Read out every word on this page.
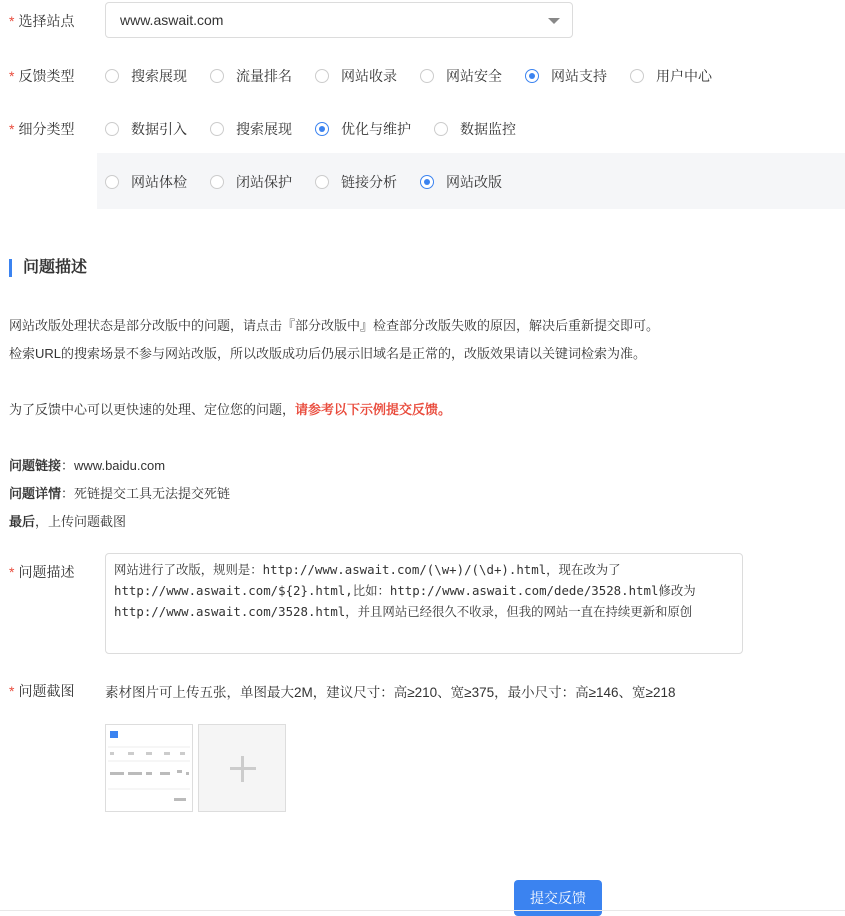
* 选择站点	www.aswait.com
* 反馈类型	搜索展现	流量排名	网站收录	网站安全	网站支持	用户中心
* 细分类型	数据引入	搜索展现	优化与维护	数据监控
网站体检	闭站保护	链接分析	网站改版
问题描述
网站改版处理状态是部分改版中的问题，请点击『部分改版中』检查部分改版失败的原因，解决后重新提交即可。
检索URL的搜索场景不参与网站改版，所以改版成功后仍展示旧域名是正常的，改版效果请以关键词检索为准。
为了反馈中心可以更快速的处理、定位您的问题，请参考以下示例提交反馈。
问题链接：www.baidu.com
问题详情：死链提交工具无法提交死链
最后，上传问题截图
* 问题描述	网站进行了改版，规则是：http://www.aswait.com/(\w+)/(\d+).html，现在改为了
http://www.aswait.com/${2}.html,比如：http://www.aswait.com/dede/3528.html修改为
http://www.aswait.com/3528.html，并且网站已经很久不收录，但我的网站一直在持续更新和原创
* 问题截图 素材图片可上传五张，单图最大2M，建议尺寸：高≥210、宽≥375，最小尺寸：高≥146、宽≥218
提交反馈
